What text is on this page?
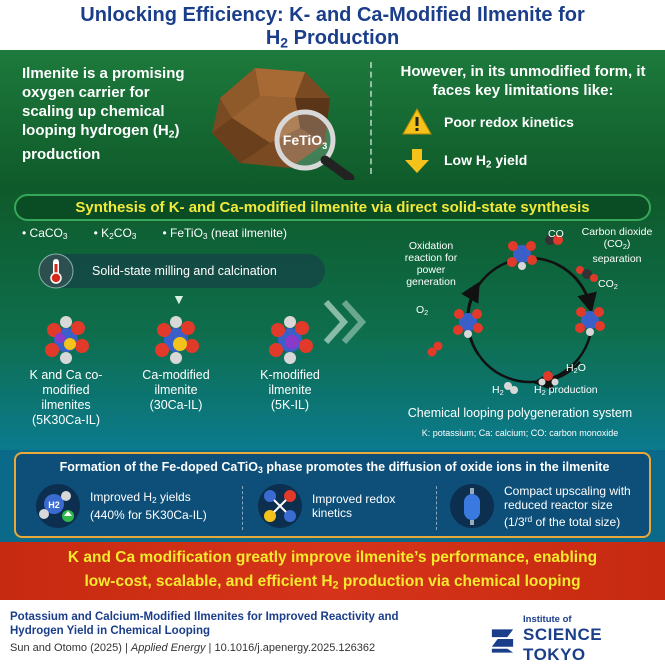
Unlocking Efficiency: K- and Ca-Modified Ilmenite for
$H_2$ Production
Ilmenite is a promising oxygen carrier for scaling up chemical looping hydrogen $(H_2)$ production
FeTiO$_3$
However, in its unmodified form, it faces key limitations like:
Poor redox kinetics
Low $H_2$ yield
Synthesis of K- and Ca-modified ilmenite via direct solid-state synthesis
• CaCO$_3$ • $K_2CO_3$ • FeTiO$_3$ (neat ilmenite)
Solid-state milling and calcination
▼
K and Ca co-modified ilmenites
(5K30Ca-IL)
Ca-modified ilmenite
(30Ca-IL)
K-modified ilmenite
(5K-IL)
Oxidation reaction for power generation
CO	Carbon dioxide $(CO_2)$ separation
$CO_2$
$O_2$
$H_2O$
$H_2$	$H_2$ production
Chemical looping polygeneration system
K: potassium; Ca: calcium; CO: carbon monoxide
Formation of the Fe-doped CaTiO$_3$ phase promotes the diffusion of oxide ions in the ilmenite
H2
Improved $H_2$ yields
(440% for 5K30Ca-IL)
Improved redox
kinetics
Compact upscaling with
reduced reactor size
(1/3rd of the total size)
K and Ca modification greatly improve ilmenite’s performance, enabling
low-cost, scalable, and efficient $H_2$ production via chemical looping
Potassium and Calcium-Modified Ilmenites for Improved Reactivity and Hydrogen Yield in Chemical Looping
Sun and Otomo (2025) | Applied Energy | 10.1016/j.apenergy.2025.126362
Institute of
SCIENCE TOKYO
